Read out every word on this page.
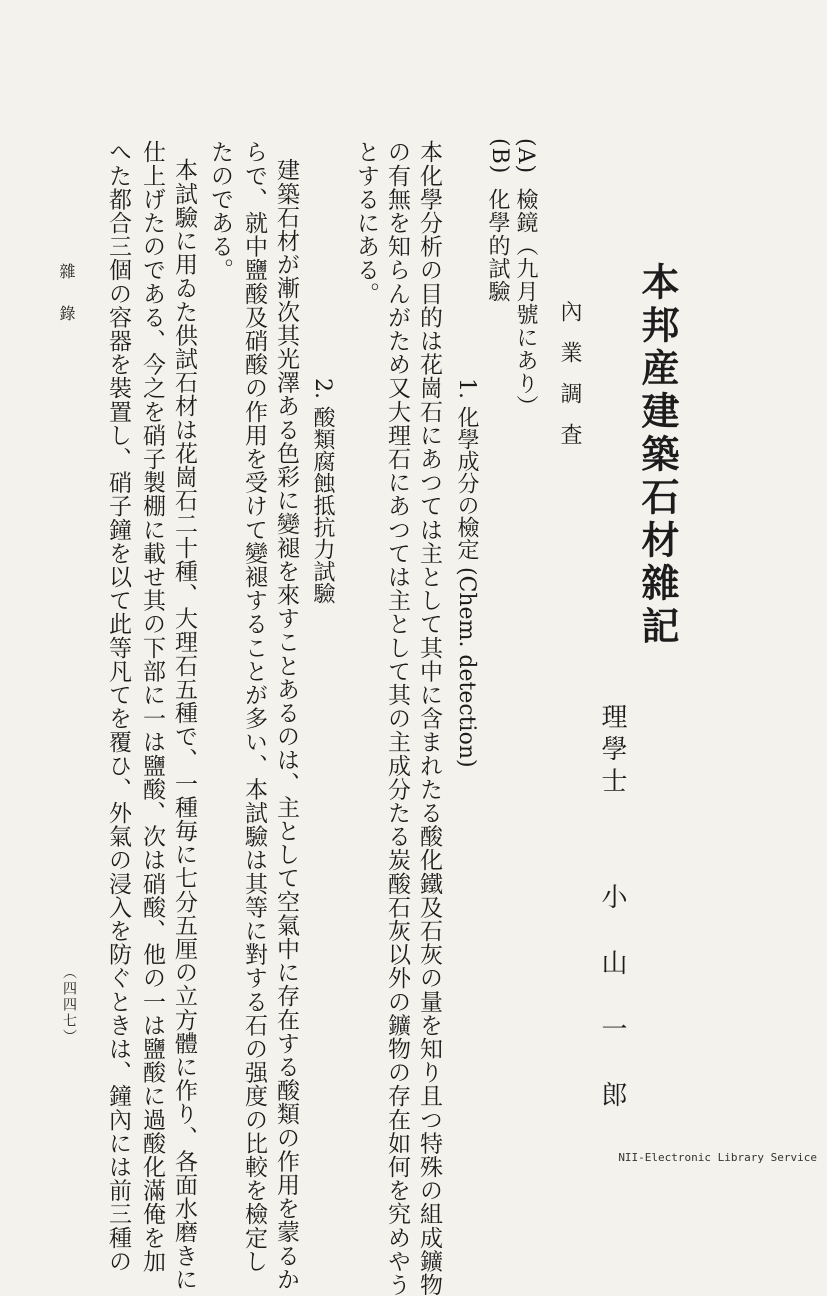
本邦産建築石材雜記
理學士  小山一郎
內業調査
(A)
檢鏡（九月號にあり）
(B)
化學的試驗
1. 化學成分の檢定 (Chem. detection)
本化學分析の目的は花崗石にあつては主として其中に含まれたる酸化鐵及石灰の量を知り且つ特殊の組成鑛物
の有無を知らんがため又大理石にあつては主として其の主成分たる炭酸石灰以外の鑛物の存在如何を究めやう
とするにある。
2. 酸類腐蝕抵抗力試驗
建築石材が漸次其光澤ある色彩に變褪を來すことあるのは、主として空氣中に存在する酸類の作用を蒙るか
らで、就中鹽酸及硝酸の作用を受けて變褪することが多い、本試驗は其等に對する石の强度の比較を檢定し
たのである。
本試驗に用ゐた供試石材は花崗石二十種、大理石五種で、一種毎に七分五厘の立方體に作り、各面水磨きに
仕上げたのである、今之を硝子製棚に載せ其の下部に一は鹽酸、次は硝酸、他の一は鹽酸に過酸化滿俺を加
へた都合三個の容器を裝置し、硝子鐘を以て此等凡てを覆ひ、外氣の浸入を防ぐときは、鐘內には前三種の
雜錄
（四四七）
NII-Electronic Library Service
